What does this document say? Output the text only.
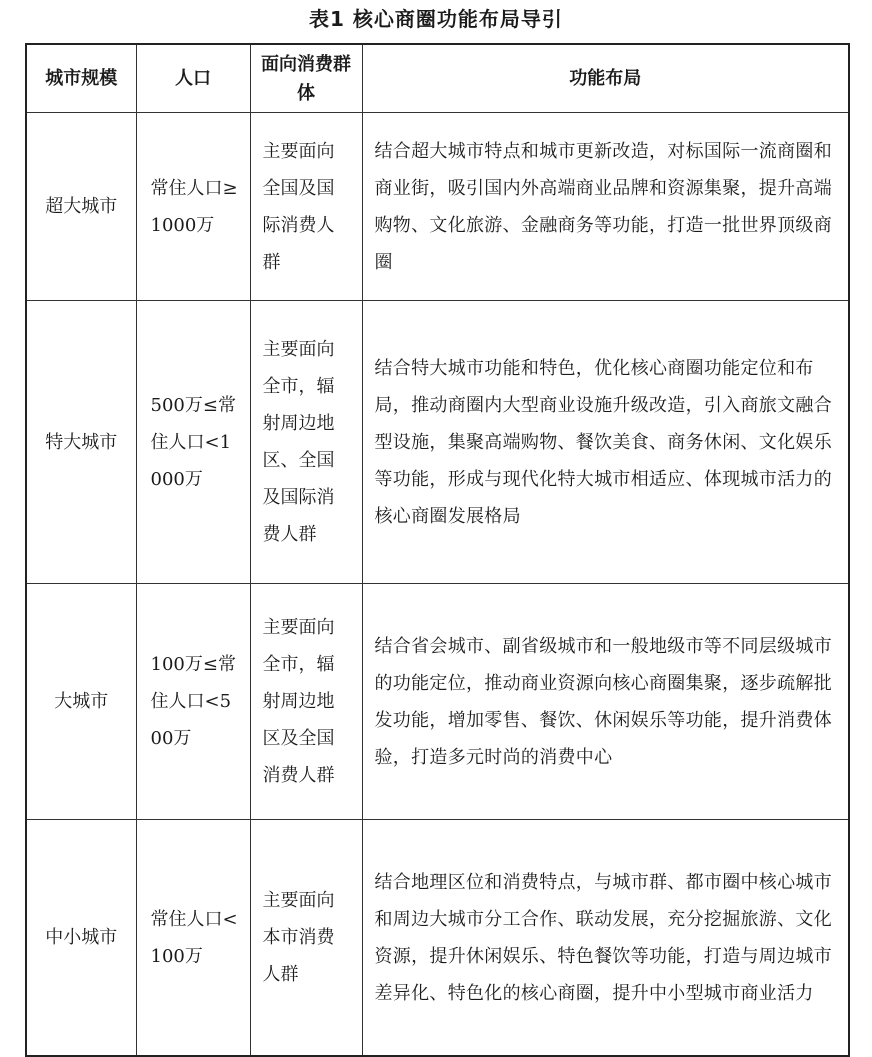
表1 核心商圈功能布局导引
城市规模	人口	面向消费群体	功能布局
超大城市	常住人口≥1000万	主要面向全国及国际消费人群	结合超大城市特点和城市更新改造，对标国际一流商圈和商业街，吸引国内外高端商业品牌和资源集聚，提升高端购物、文化旅游、金融商务等功能，打造一批世界顶级商圈
特大城市	500万≤常住人口<1000万	主要面向全市，辐射周边地区、全国及国际消费人群	结合特大城市功能和特色，优化核心商圈功能定位和布局，推动商圈内大型商业设施升级改造，引入商旅文融合型设施，集聚高端购物、餐饮美食、商务休闲、文化娱乐等功能，形成与现代化特大城市相适应、体现城市活力的核心商圈发展格局
大城市	100万≤常住人口<500万	主要面向全市，辐射周边地区及全国消费人群	结合省会城市、副省级城市和一般地级市等不同层级城市的功能定位，推动商业资源向核心商圈集聚，逐步疏解批发功能，增加零售、餐饮、休闲娱乐等功能，提升消费体验，打造多元时尚的消费中心
中小城市	常住人口<100万	主要面向本市消费人群	结合地理区位和消费特点，与城市群、都市圈中核心城市和周边大城市分工合作、联动发展，充分挖掘旅游、文化资源，提升休闲娱乐、特色餐饮等功能，打造与周边城市差异化、特色化的核心商圈，提升中小型城市商业活力
